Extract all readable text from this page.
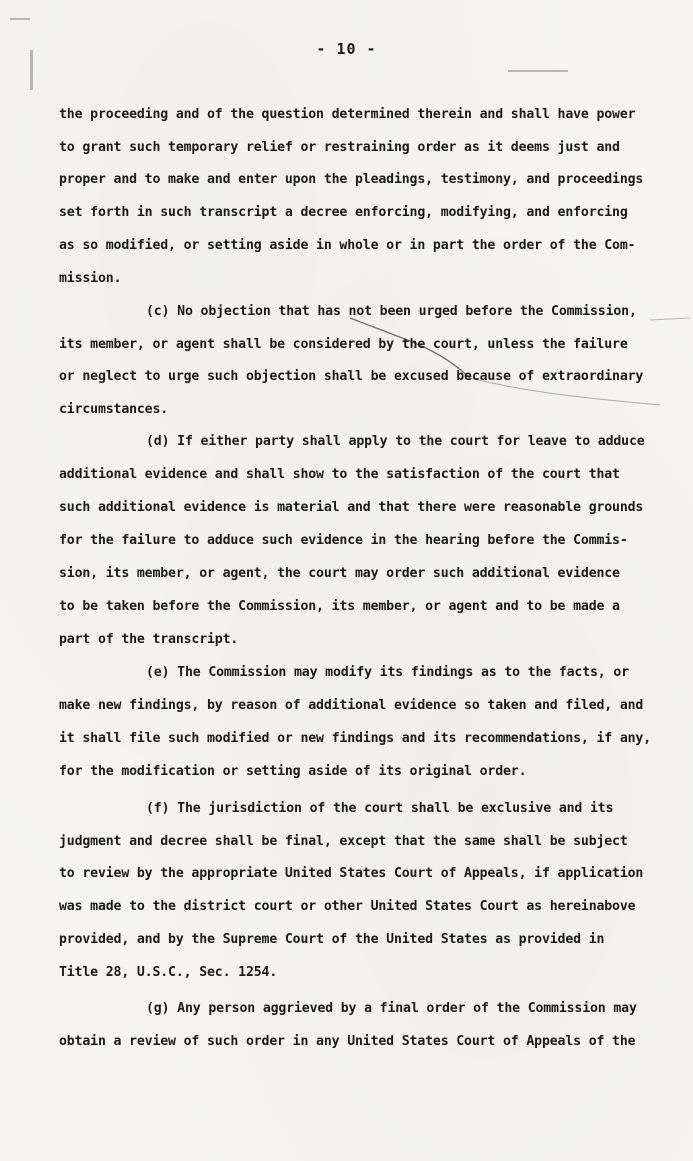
- 10 -
the proceeding and of the question determined therein and shall have power
to grant such temporary relief or restraining order as it deems just and
proper and to make and enter upon the pleadings, testimony, and proceedings
set forth in such transcript a decree enforcing, modifying, and enforcing
as so modified, or setting aside in whole or in part the order of the Com-
mission.
(c) No objection that has not been urged before the Commission,
its member, or agent shall be considered by the court, unless the failure
or neglect to urge such objection shall be excused because of extraordinary
circumstances.
(d) If either party shall apply to the court for leave to adduce
additional evidence and shall show to the satisfaction of the court that
such additional evidence is material and that there were reasonable grounds
for the failure to adduce such evidence in the hearing before the Commis-
sion, its member, or agent, the court may order such additional evidence
to be taken before the Commission, its member, or agent and to be made a
part of the transcript.
(e) The Commission may modify its findings as to the facts, or
make new findings, by reason of additional evidence so taken and filed, and
it shall file such modified or new findings and its recommendations, if any,
for the modification or setting aside of its original order.
(f) The jurisdiction of the court shall be exclusive and its
judgment and decree shall be final, except that the same shall be subject
to review by the appropriate United States Court of Appeals, if application
was made to the district court or other United States Court as hereinabove
provided, and by the Supreme Court of the United States as provided in
Title 28, U.S.C., Sec. 1254.
(g) Any person aggrieved by a final order of the Commission may
obtain a review of such order in any United States Court of Appeals of the
